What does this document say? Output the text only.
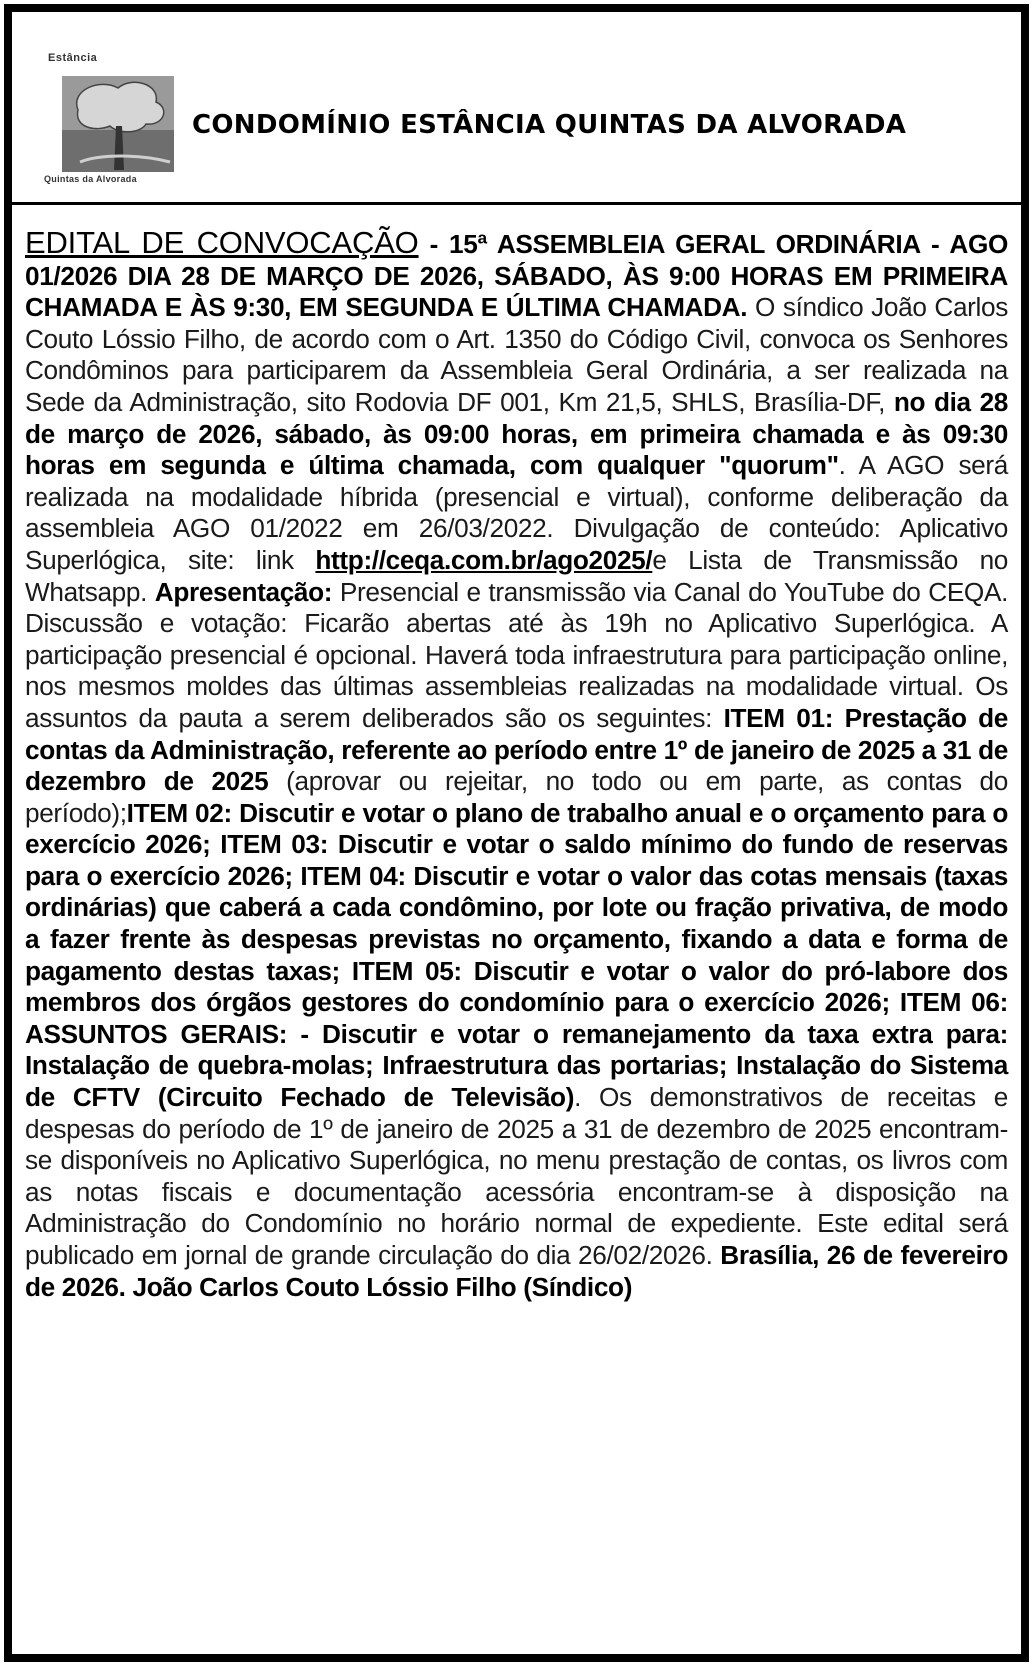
Estância
Quintas da Alvorada
CONDOMÍNIO ESTÂNCIA QUINTAS DA ALVORADA
EDITAL DE CONVOCAÇÃO - 15ª ASSEMBLEIA GERAL ORDINÁRIA - AGO 01/2026 DIA 28 DE MARÇO DE 2026, SÁBADO, ÀS 9:00 HORAS EM PRIMEIRA CHAMADA E ÀS 9:30, EM SEGUNDA E ÚLTIMA CHAMADA. O síndico João Carlos Couto Lóssio Filho, de acordo com o Art. 1350 do Código Civil, convoca os Senhores Condôminos para participarem da Assembleia Geral Ordinária, a ser realizada na Sede da Administração, sito Rodovia DF 001, Km 21,5, SHLS, Brasília-DF, no dia 28 de março de 2026, sábado, às 09:00 horas, em primeira chamada e às 09:30 horas em segunda e última chamada, com qualquer "quorum". A AGO será realizada na modalidade híbrida (presencial e virtual), conforme deliberação da assembleia AGO 01/2022 em 26/03/2022. Divulgação de conteúdo: Aplicativo Superlógica, site: link http://ceqa.com.br/ago2025/e Lista de Transmissão no Whatsapp. Apresentação: Presencial e transmissão via Canal do YouTube do CEQA. Discussão e votação: Ficarão abertas até às 19h no Aplicativo Superlógica. A participação presencial é opcional. Haverá toda infraestrutura para participação online, nos mesmos moldes das últimas assembleias realizadas na modalidade virtual. Os assuntos da pauta a serem deliberados são os seguintes: ITEM 01: Prestação de contas da Administração, referente ao período entre 1º de janeiro de 2025 a 31 de dezembro de 2025 (aprovar ou rejeitar, no todo ou em parte, as contas do período);ITEM 02: Discutir e votar o plano de trabalho anual e o orçamento para o exercício 2026; ITEM 03: Discutir e votar o saldo mínimo do fundo de reservas para o exercício 2026; ITEM 04: Discutir e votar o valor das cotas mensais (taxas ordinárias) que caberá a cada condômino, por lote ou fração privativa, de modo a fazer frente às despesas previstas no orçamento, fixando a data e forma de pagamento destas taxas; ITEM 05: Discutir e votar o valor do pró-labore dos membros dos órgãos gestores do condomínio para o exercício 2026; ITEM 06: ASSUNTOS GERAIS: - Discutir e votar o remanejamento da taxa extra para: Instalação de quebra-molas; Infraestrutura das portarias; Instalação do Sistema de CFTV (Circuito Fechado de Televisão). Os demonstrativos de receitas e despesas do período de 1º de janeiro de 2025 a 31 de dezembro de 2025 encontram-se disponíveis no Aplicativo Superlógica, no menu prestação de contas, os livros com as notas fiscais e documentação acessória encontram-se à disposição na Administração do Condomínio no horário normal de expediente. Este edital será publicado em jornal de grande circulação do dia 26/02/2026. Brasília, 26 de fevereiro de 2026. João Carlos Couto Lóssio Filho (Síndico)
